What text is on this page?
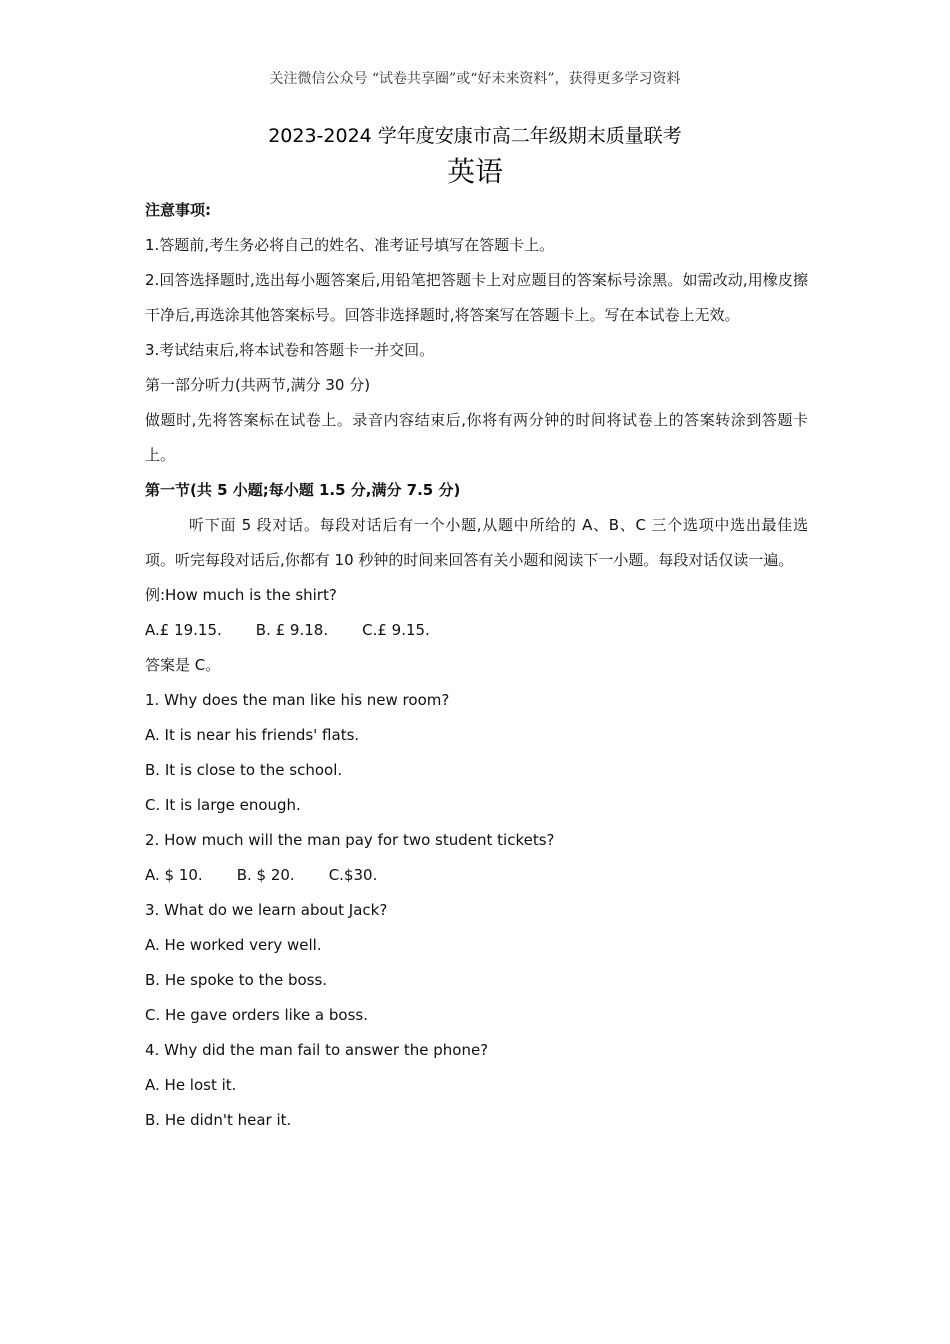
关注微信公众号 “试卷共享圈”或“好未来资料”，获得更多学习资料
2023-2024 学年度安康市高二年级期末质量联考
英语

注意事项:

1.答题前,考生务必将自己的姓名、准考证号填写在答题卡上。

2.回答选择题时,选出每小题答案后,用铅笔把答题卡上对应题目的答案标号涂黑。如需改动,用橡皮擦干净后,再选涂其他答案标号。回答非选择题时,将答案写在答题卡上。写在本试卷上无效。

3.考试结束后,将本试卷和答题卡一并交回。

第一部分听力(共两节,满分 30 分)

做题时,先将答案标在试卷上。录音内容结束后,你将有两分钟的时间将试卷上的答案转涂到答题卡上。

第一节(共 5 小题;每小题 1.5 分,满分 7.5 分)

听下面 5 段对话。每段对话后有一个小题,从题中所给的 A、B、C 三个选项中选出最佳选项。听完每段对话后,你都有 10 秒钟的时间来回答有关小题和阅读下一小题。每段对话仅读一遍。

例:How much is the shirt?

A.£ 19.15. B. £ 9.18. C.£ 9.15.

答案是 C。

1. Why does the man like his new room?

A. It is near his friends' flats.

B. It is close to the school.

C. It is large enough.

2. How much will the man pay for two student tickets?

A. $ 10. B. $ 20. C.$30.

3. What do we learn about Jack?

A. He worked very well.

B. He spoke to the boss.

C. He gave orders like a boss.

4. Why did the man fail to answer the phone?

A. He lost it.

B. He didn't hear it.
